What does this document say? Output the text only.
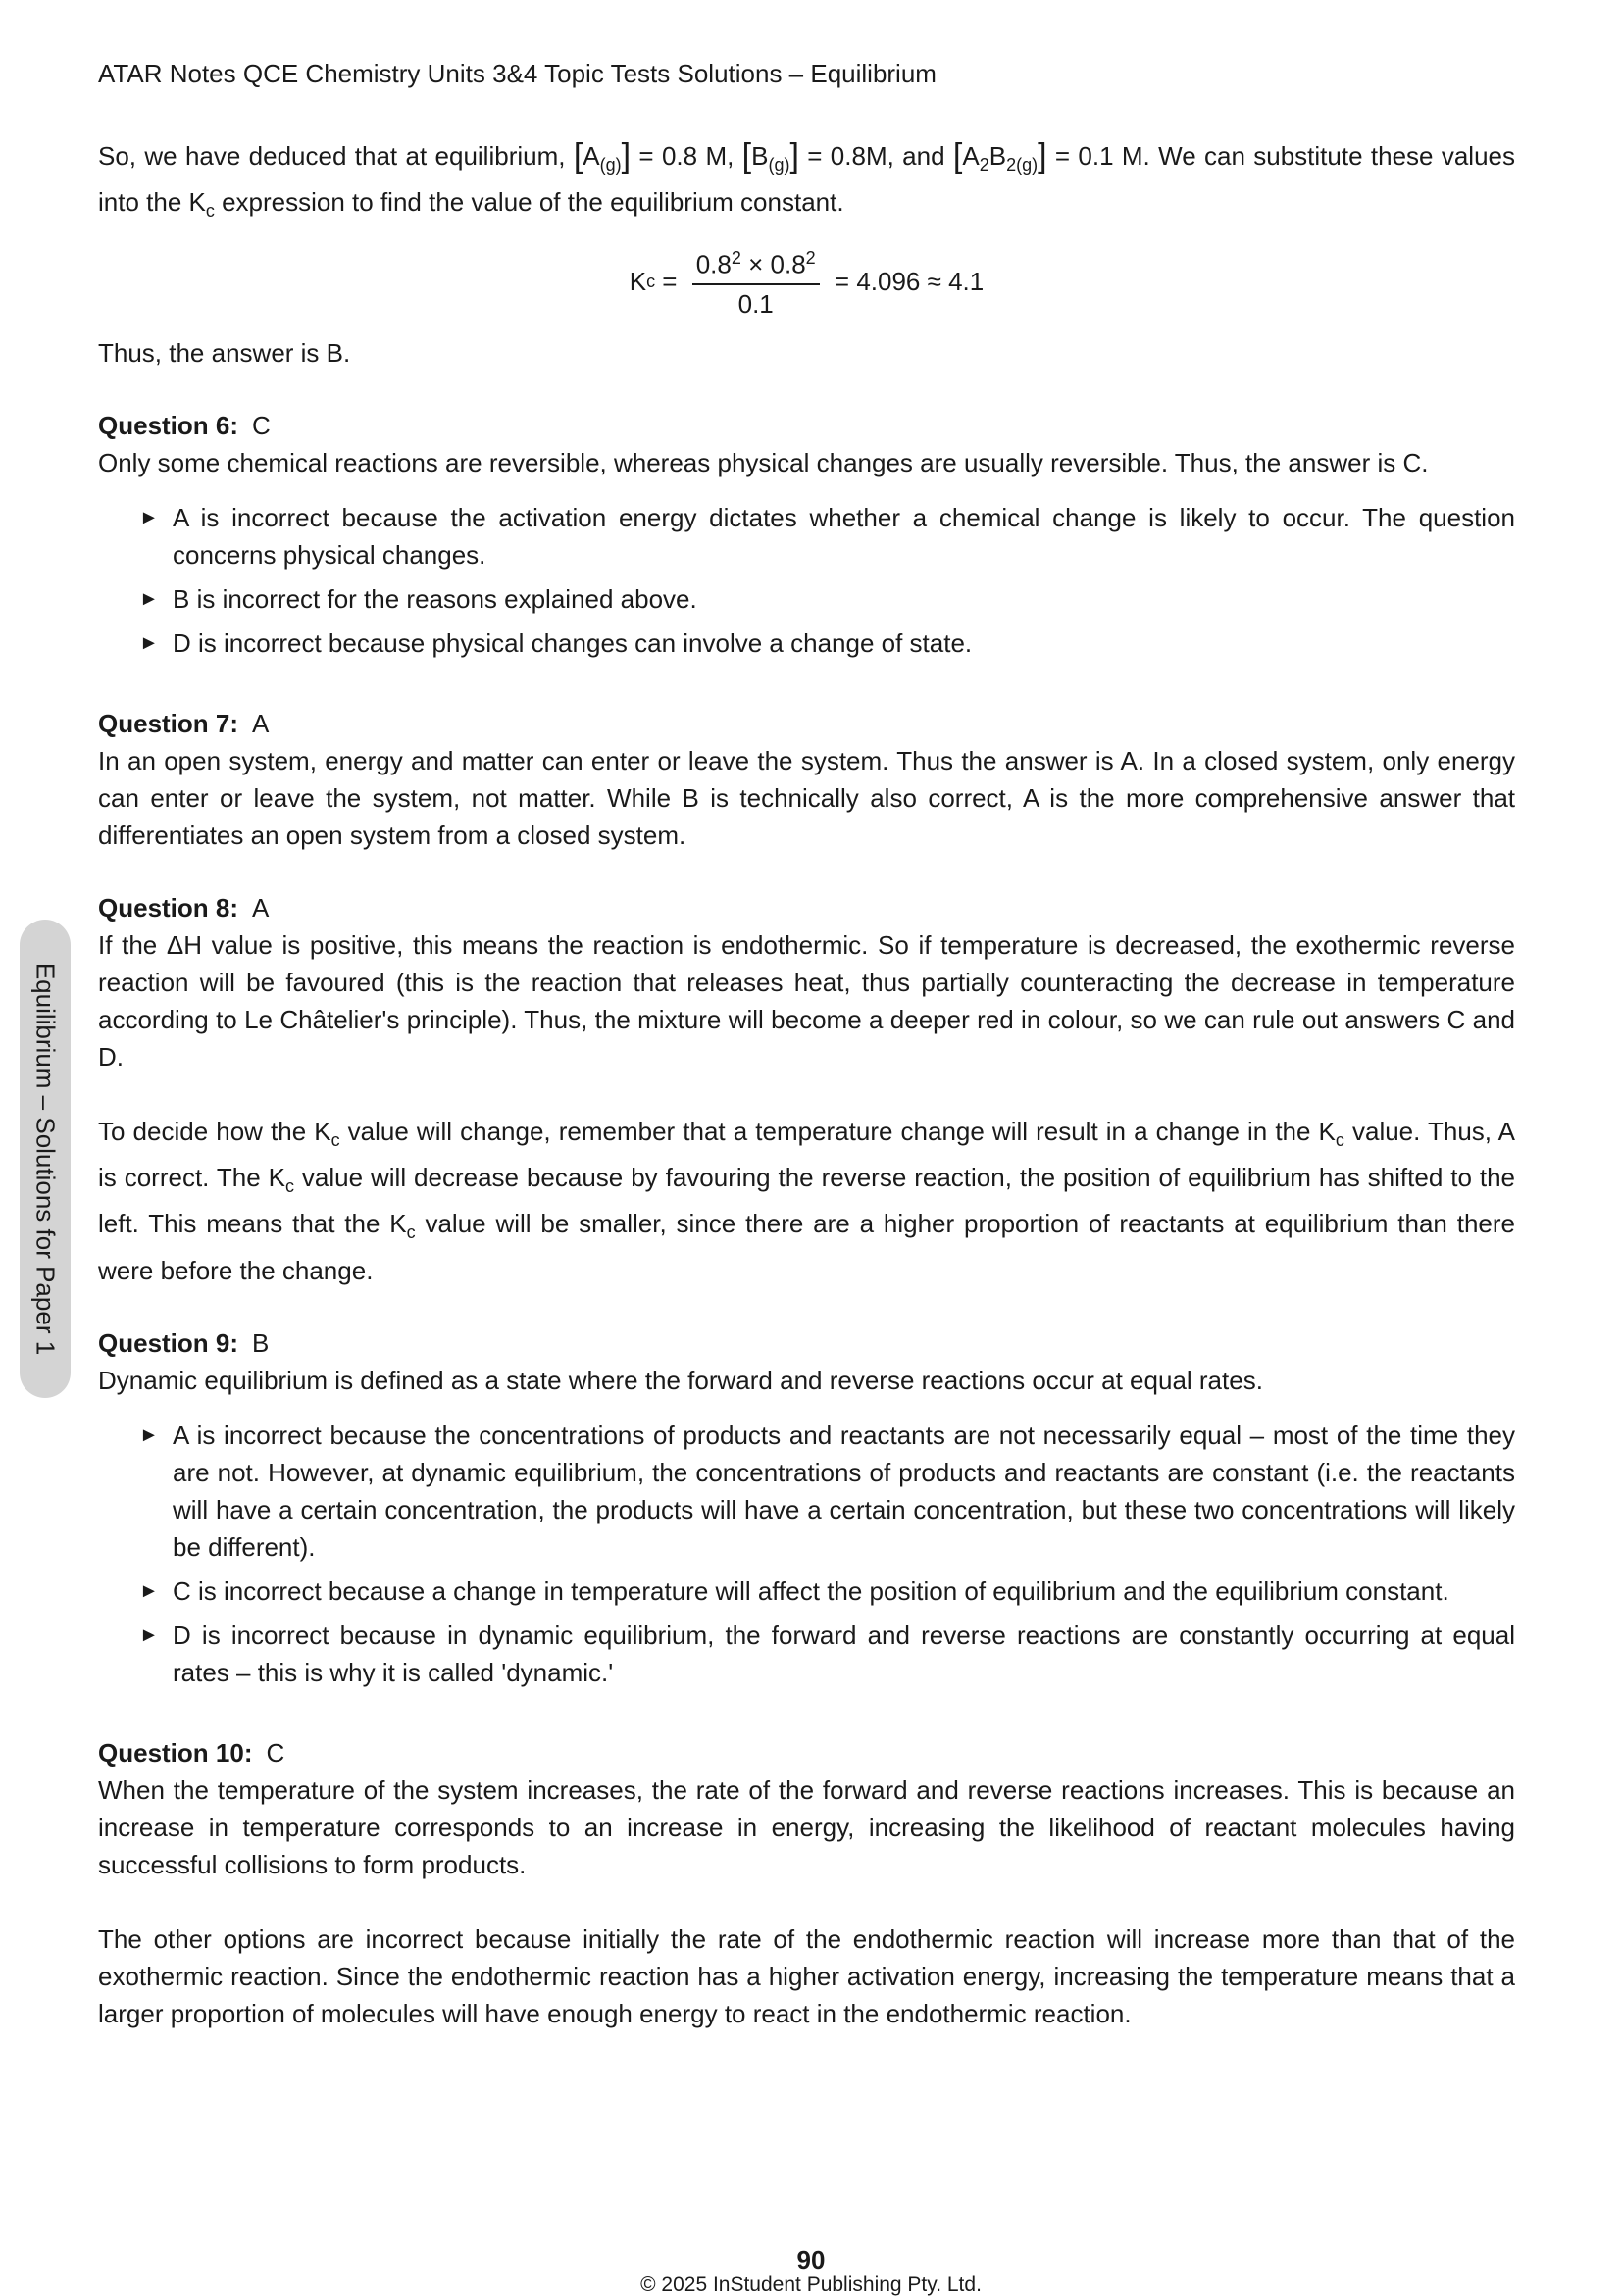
ATAR Notes QCE Chemistry Units 3&4 Topic Tests Solutions – Equilibrium
Equilibrium – Solutions for Paper 1

So, we have deduced that at equilibrium, $[A_{(g)}] = 0.8$ M, $[B_{(g)}] = 0.8M$, and $[A_2B_{2(g)}] = 0.1$ M. We can substitute these values into the $K_c$ expression to find the value of the equilibrium constant.

K $c = \frac{0.8^2 \times 0.8^2}{0.1} = 4.096 \approx 4.1$

Thus, the answer is B.

Question 6: C

Only some chemical reactions are reversible, whereas physical changes are usually reversible. Thus, the answer is C.

► A is incorrect because the activation energy dictates whether a chemical change is likely to occur. The question concerns physical changes.
► B is incorrect for the reasons explained above.
► D is incorrect because physical changes can involve a change of state.

Question 7: A

In an open system, energy and matter can enter or leave the system. Thus the answer is A. In a closed system, only energy can enter or leave the system, not matter. While B is technically also correct, A is the more comprehensive answer that differentiates an open system from a closed system.

Question 8: A

If the ΔH value is positive, this means the reaction is endothermic. So if temperature is decreased, the exothermic reverse reaction will be favoured (this is the reaction that releases heat, thus partially counteracting the decrease in temperature according to Le Châtelier's principle). Thus, the mixture will become a deeper red in colour, so we can rule out answers C and D.

To decide how the $K_c$ value will change, remember that a temperature change will result in a change in the $K_c$ value. Thus, A is correct. The $K_c$ value will decrease because by favouring the reverse reaction, the position of equilibrium has shifted to the left. This means that the $K_c$ value will be smaller, since there are a higher proportion of reactants at equilibrium than there were before the change.

Question 9: B

Dynamic equilibrium is defined as a state where the forward and reverse reactions occur at equal rates.

► A is incorrect because the concentrations of products and reactants are not necessarily equal – most of the time they are not. However, at dynamic equilibrium, the concentrations of products and reactants are constant (i.e. the reactants will have a certain concentration, the products will have a certain concentration, but these two concentrations will likely be different).
► C is incorrect because a change in temperature will affect the position of equilibrium and the equilibrium constant.
► D is incorrect because in dynamic equilibrium, the forward and reverse reactions are constantly occurring at equal rates – this is why it is called 'dynamic.'

Question 10: C

When the temperature of the system increases, the rate of the forward and reverse reactions increases. This is because an increase in temperature corresponds to an increase in energy, increasing the likelihood of reactant molecules having successful collisions to form products.

The other options are incorrect because initially the rate of the endothermic reaction will increase more than that of the exothermic reaction. Since the endothermic reaction has a higher activation energy, increasing the temperature means that a larger proportion of molecules will have enough energy to react in the endothermic reaction.

90
© 2025 InStudent Publishing Pty. Ltd.
